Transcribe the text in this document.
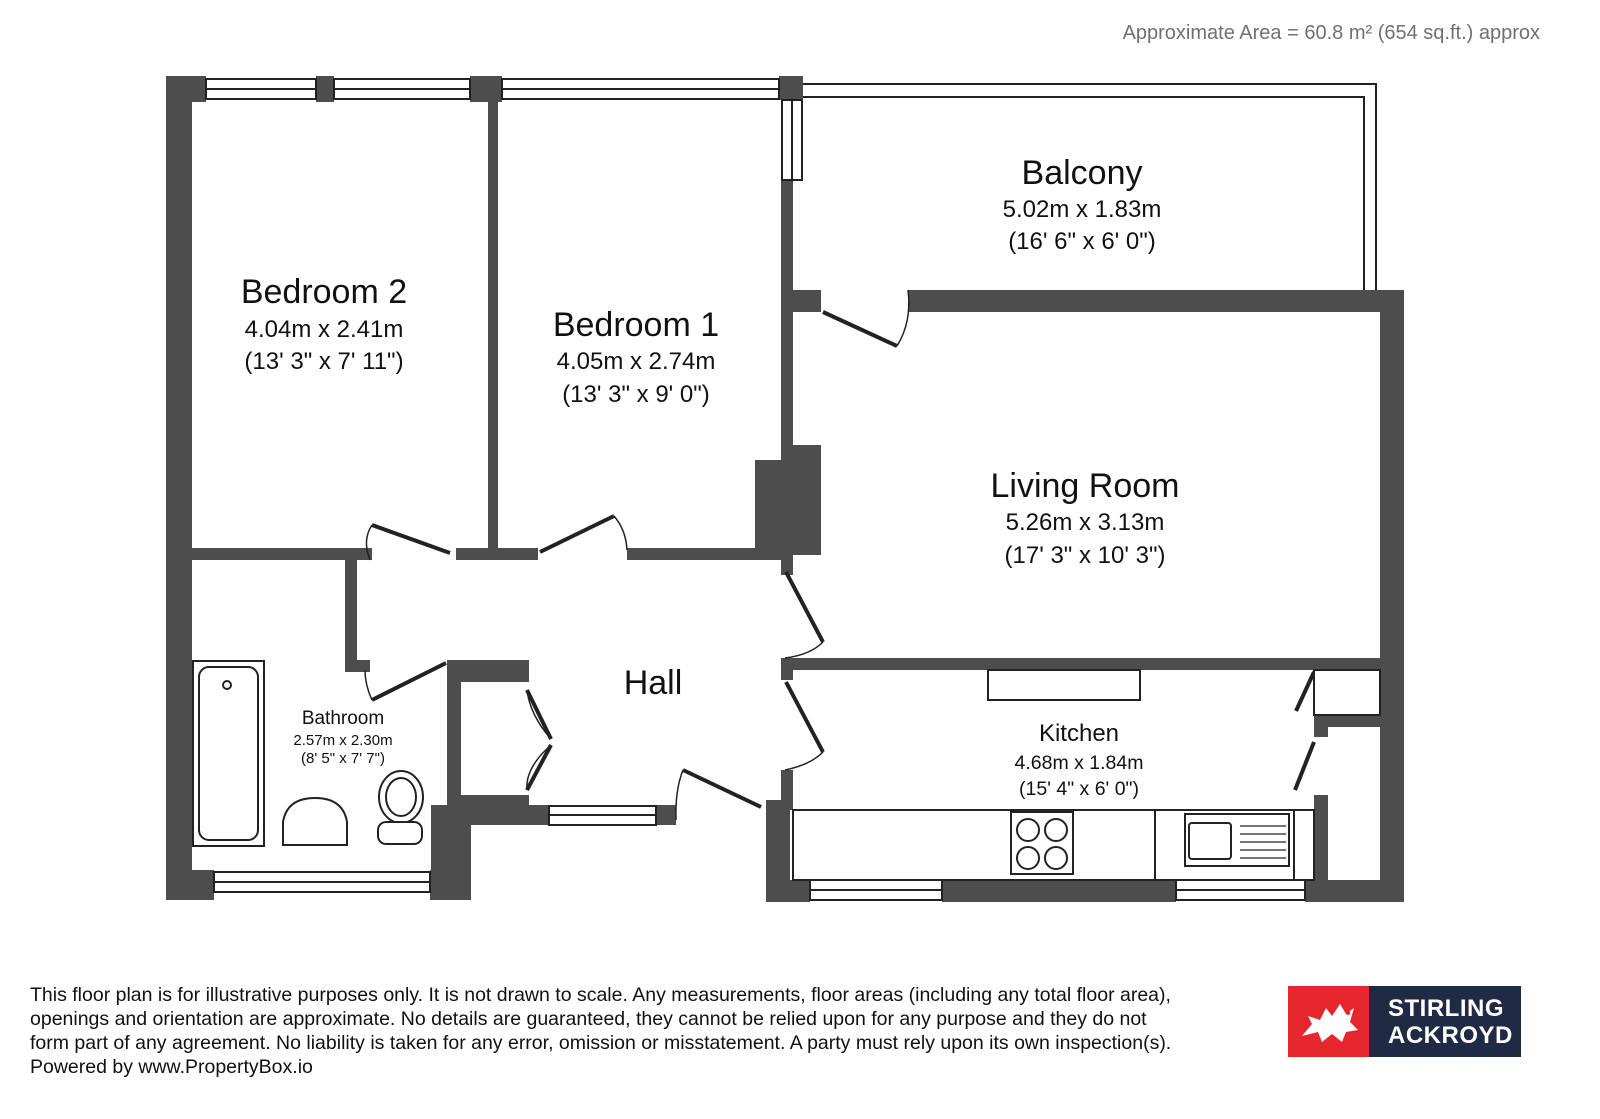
Approximate Area = 60.8 m² (654 sq.ft.) approx
Balcony
5.02m x 1.83m
(16' 6" x 6' 0")
Bedroom 2
4.04m x 2.41m
(13' 3" x 7' 11")
Bedroom 1
4.05m x 2.74m
(13' 3" x 9' 0")
Living Room
5.26m x 3.13m
(17' 3" x 10' 3")
Hall
Bathroom
2.57m x 2.30m
(8' 5" x 7' 7")
Kitchen
4.68m x 1.84m
(15' 4" x 6' 0")

This floor plan is for illustrative purposes only. It is not drawn to scale. Any measurements, floor areas (including any total floor area),
openings and orientation are approximate. No details are guaranteed, they cannot be relied upon for any purpose and they do not
form part of any agreement. No liability is taken for any error, omission or misstatement. A party must rely upon its own inspection(s).
Powered by www.PropertyBox.io

STIRLING
ACKROYD
